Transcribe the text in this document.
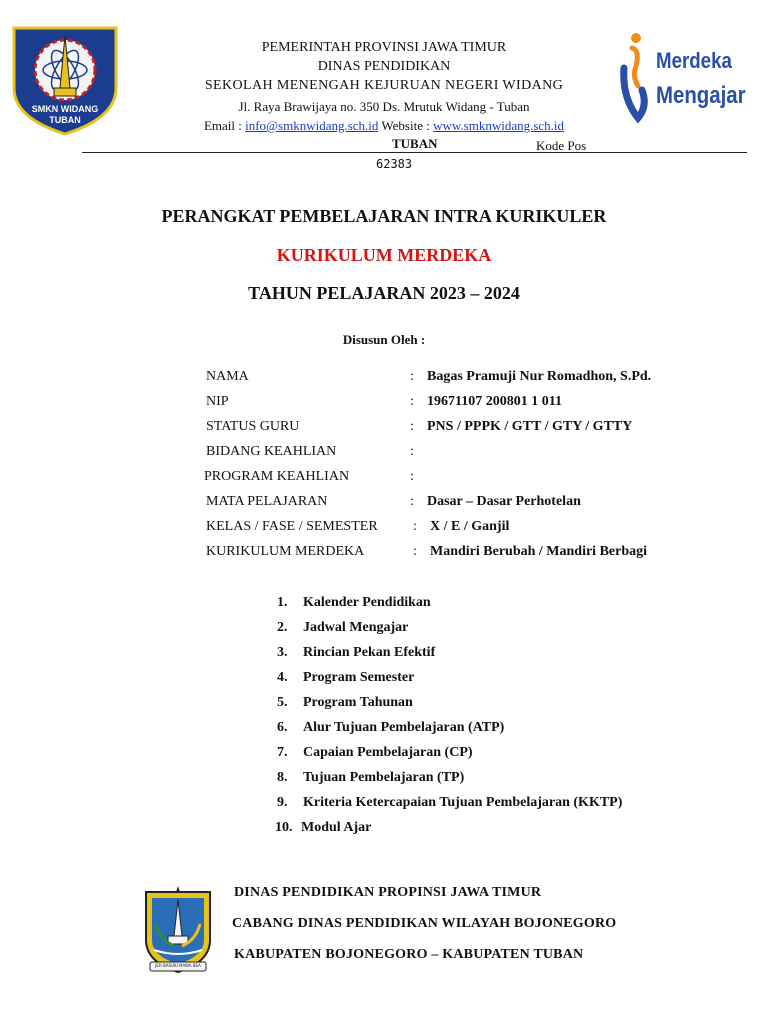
SMKN WIDANG
TUBAN
Merdeka
Mengajar
PEMERINTAH PROVINSI JAWA TIMUR
DINAS PENDIDIKAN
SEKOLAH MENENGAH KEJURUAN NEGERI WIDANG
Jl. Raya Brawijaya no. 350 Ds. Mrutuk Widang - Tuban
Email : info@smknwidang.sch.id Website : www.smknwidang.sch.id
TUBAN	Kode Pos
62383
PERANGKAT PEMBELAJARAN INTRA KURIKULER
KURIKULUM MERDEKA
TAHUN PELAJARAN 2023 – 2024
Disusun Oleh :
NAMA	: Bagas Pramuji Nur Romadhon, S.Pd.
NIP	: 19671107 200801 1 011
STATUS GURU	: PNS / PPPK / GTT / GTY / GTTY
BIDANG KEAHLIAN	:
PROGRAM KEAHLIAN	:
MATA PELAJARAN	: Dasar – Dasar Perhotelan
KELAS / FASE / SEMESTER	: X / E / Ganjil
KURIKULUM MERDEKA	: Mandiri Berubah / Mandiri Berbagi
1. Kalender Pendidikan
2. Jadwal Mengajar
3. Rincian Pekan Efektif
4. Program Semester
5. Program Tahunan
6. Alur Tujuan Pembelajaran (ATP)
7. Capaian Pembelajaran (CP)
8. Tujuan Pembelajaran (TP)
9. Kriteria Ketercapaian Tujuan Pembelajaran (KKTP)
10. Modul Ajar
JER BASUKI MAWA BEA
DINAS PENDIDIKAN PROPINSI JAWA TIMUR
CABANG DINAS PENDIDIKAN WILAYAH BOJONEGORO
KABUPATEN BOJONEGORO – KABUPATEN TUBAN
